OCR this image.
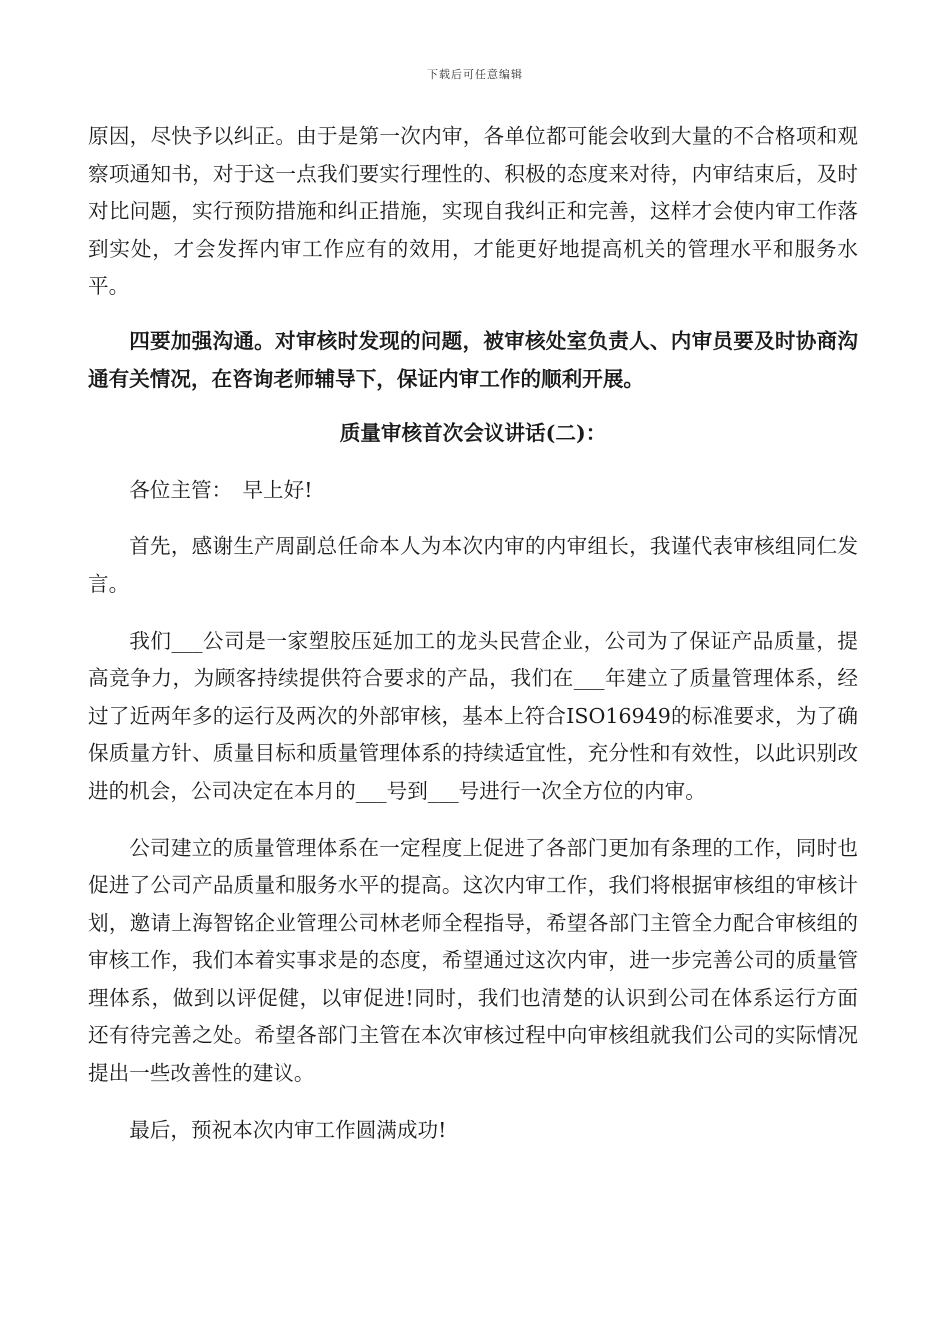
下载后可任意编辑

原因，尽快予以纠正。由于是第一次内审，各单位都可能会收到大量的不合格项和观察项通知书，对于这一点我们要实行理性的、积极的态度来对待，内审结束后，及时对比问题，实行预防措施和纠正措施，实现自我纠正和完善，这样才会使内审工作落到实处，才会发挥内审工作应有的效用，才能更好地提高机关的管理水平和服务水平。

四要加强沟通。对审核时发现的问题，被审核处室负责人、内审员要及时协商沟通有关情况，在咨询老师辅导下，保证内审工作的顺利开展。

质量审核首次会议讲话(二)：

各位主管：　早上好!

首先，感谢生产周副总任命本人为本次内审的内审组长，我谨代表审核组同仁发言。

我们___公司是一家塑胶压延加工的龙头民营企业，公司为了保证产品质量，提高竞争力，为顾客持续提供符合要求的产品，我们在___年建立了质量管理体系，经过了近两年多的运行及两次的外部审核，基本上符合ISO16949的标准要求，为了确保质量方针、质量目标和质量管理体系的持续适宜性，充分性和有效性，以此识别改进的机会，公司决定在本月的___号到___号进行一次全方位的内审。

公司建立的质量管理体系在一定程度上促进了各部门更加有条理的工作，同时也促进了公司产品质量和服务水平的提高。这次内审工作，我们将根据审核组的审核计划，邀请上海智铭企业管理公司林老师全程指导，希望各部门主管全力配合审核组的审核工作，我们本着实事求是的态度，希望通过这次内审，进一步完善公司的质量管理体系，做到以评促健，以审促进!同时，我们也清楚的认识到公司在体系运行方面还有待完善之处。希望各部门主管在本次审核过程中向审核组就我们公司的实际情况提出一些改善性的建议。

最后，预祝本次内审工作圆满成功!
